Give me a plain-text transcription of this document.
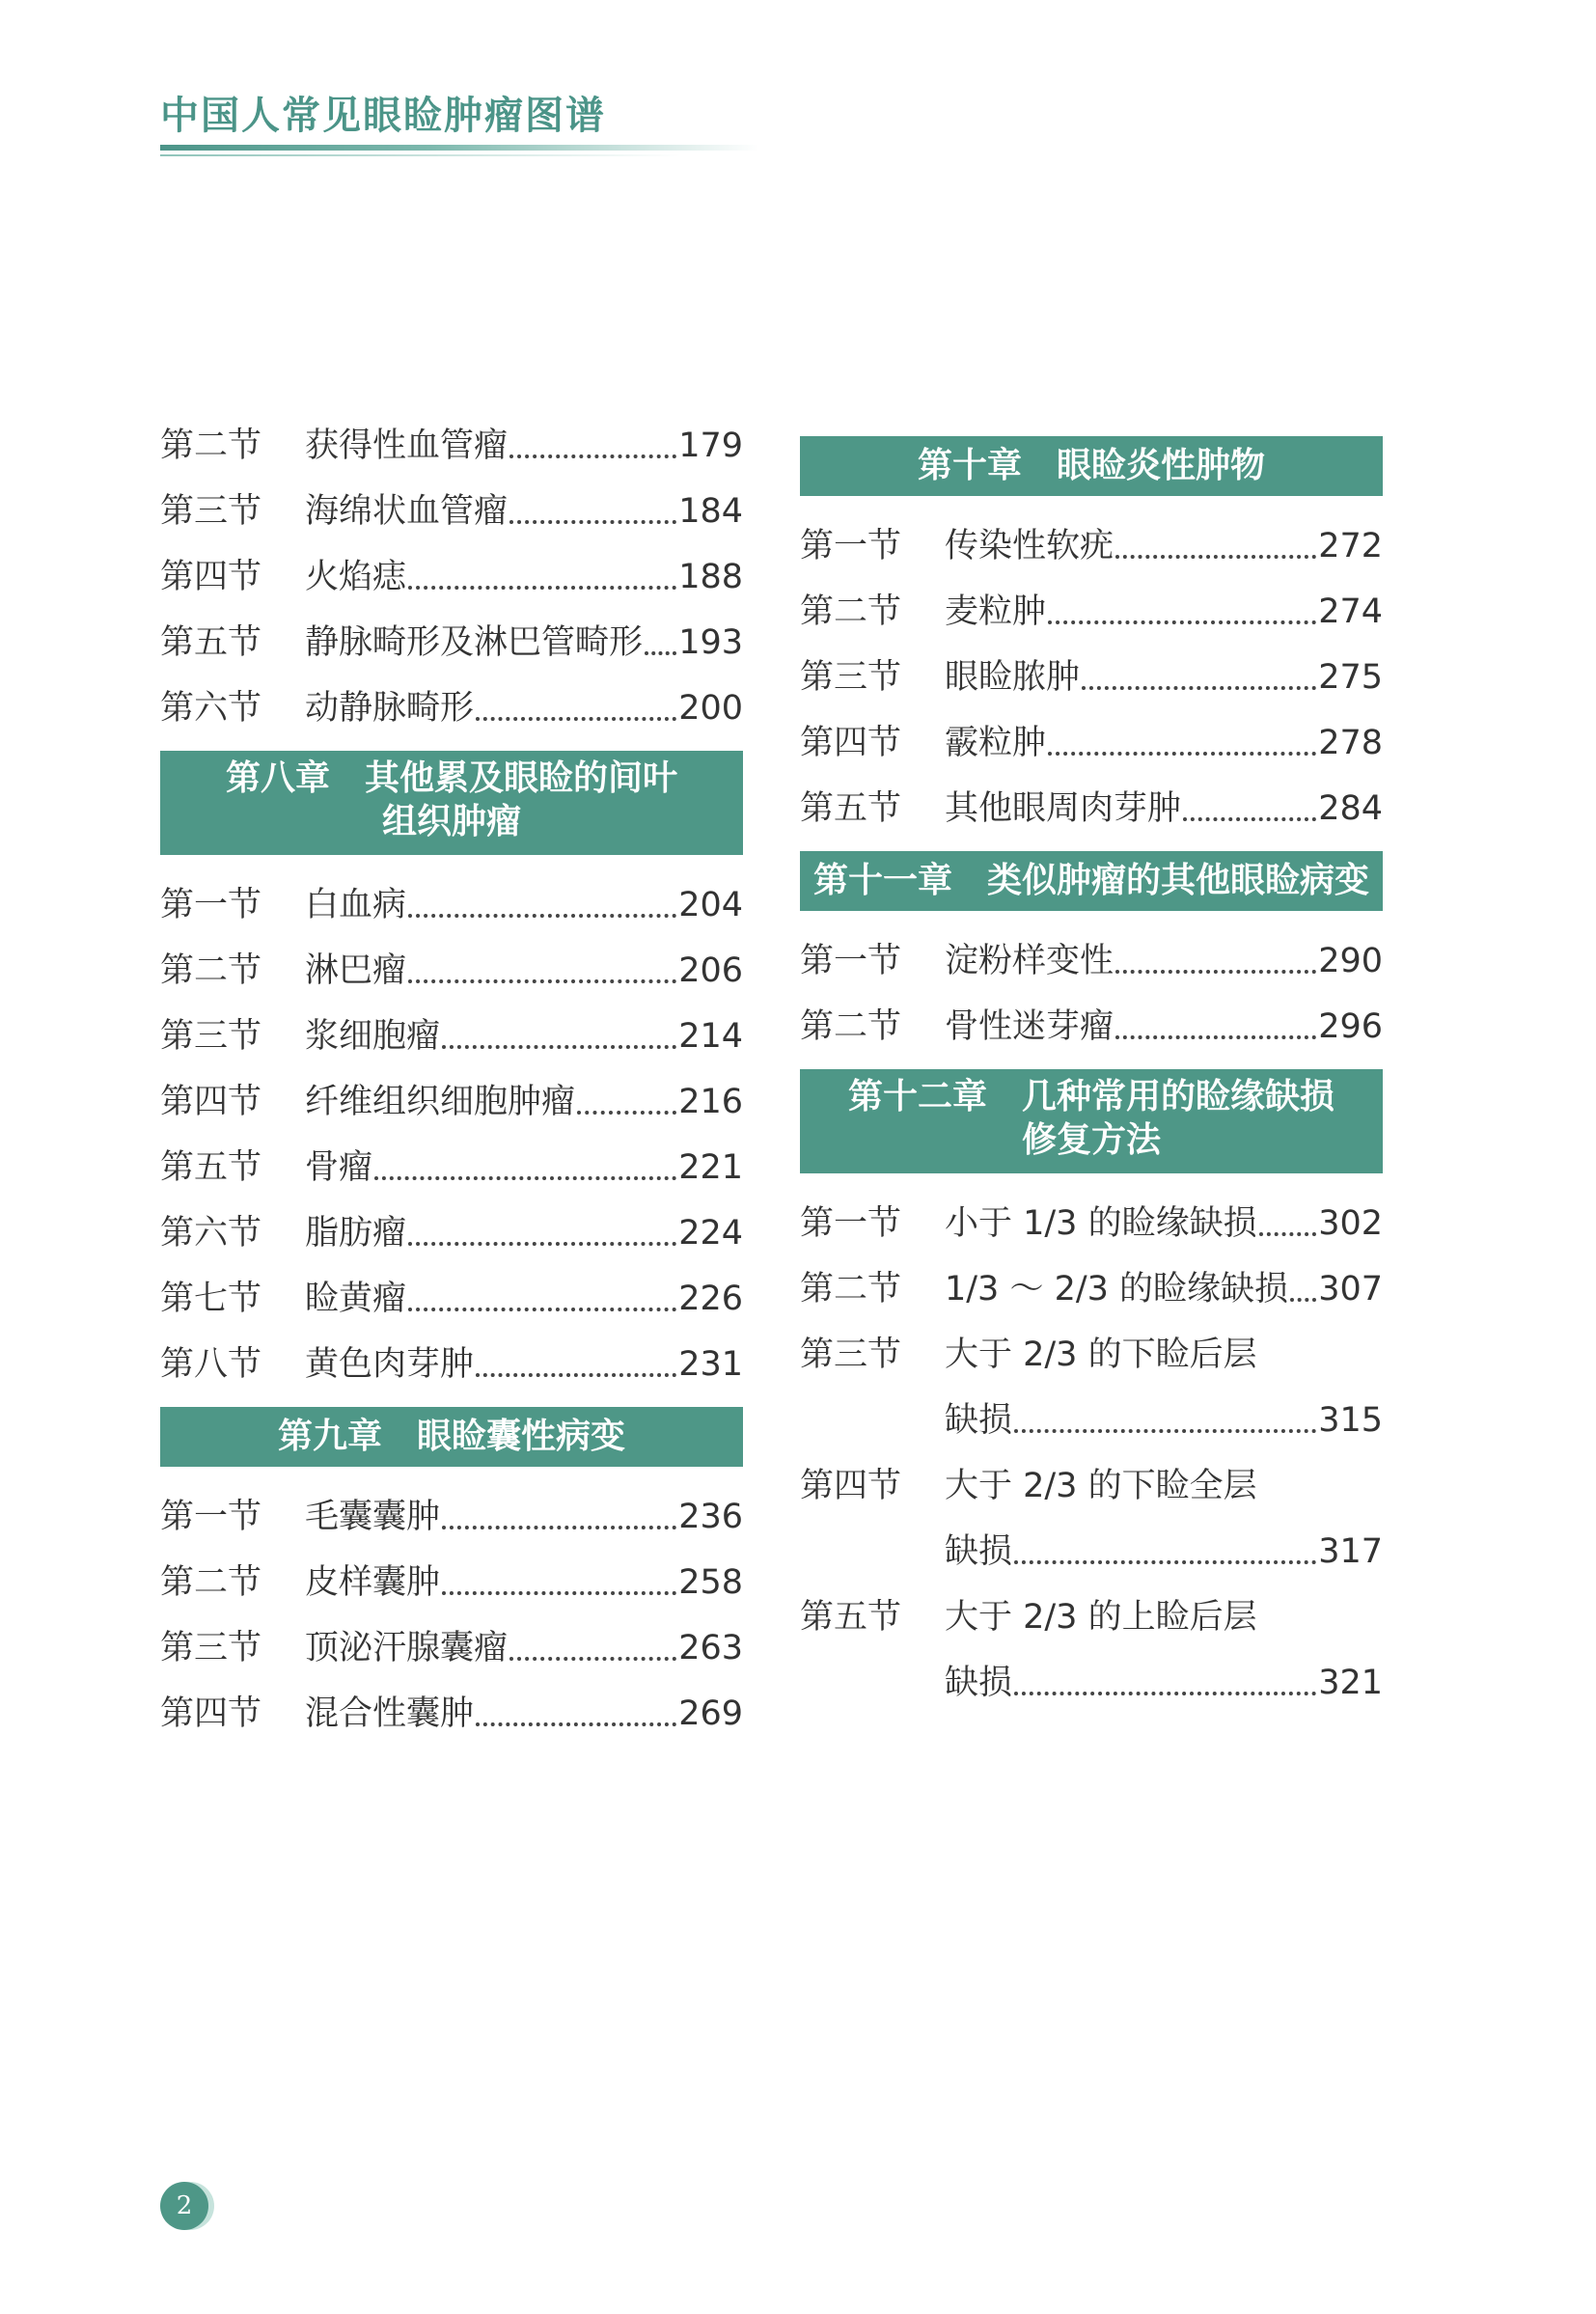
中国人常见眼睑肿瘤图谱
第二节	获得性血管瘤	179
第三节	海绵状血管瘤	184
第四节	火焰痣	188
第五节	静脉畸形及淋巴管畸形 193
第六节	动静脉畸形	200
第八章　其他累及眼睑的间叶
组织肿瘤
第一节	白血病	204
第二节	淋巴瘤	206
第三节	浆细胞瘤	214
第四节	纤维组织细胞肿瘤	216
第五节	骨瘤	221
第六节	脂肪瘤	224
第七节	睑黄瘤	226
第八节	黄色肉芽肿	231
第九章　眼睑囊性病变
第一节	毛囊囊肿	236
第二节	皮样囊肿	258
第三节	顶泌汗腺囊瘤	263
第四节	混合性囊肿	269
第十章　眼睑炎性肿物
第一节	传染性软疣	272
第二节	麦粒肿	274
第三节	眼睑脓肿	275
第四节	霰粒肿	278
第五节	其他眼周肉芽肿	284
第十一章　类似肿瘤的其他眼睑病变
第一节	淀粉样变性	290
第二节	骨性迷芽瘤	296
第十二章　几种常用的睑缘缺损
修复方法
第一节	小于 1/3 的睑缘缺损 302
第二节	1/3 ～ 2/3 的睑缘缺损 307
第三节	大于 2/3 的下睑后层
缺损	315
第四节	大于 2/3 的下睑全层
缺损	317
第五节	大于 2/3 的上睑后层
缺损	321
2
